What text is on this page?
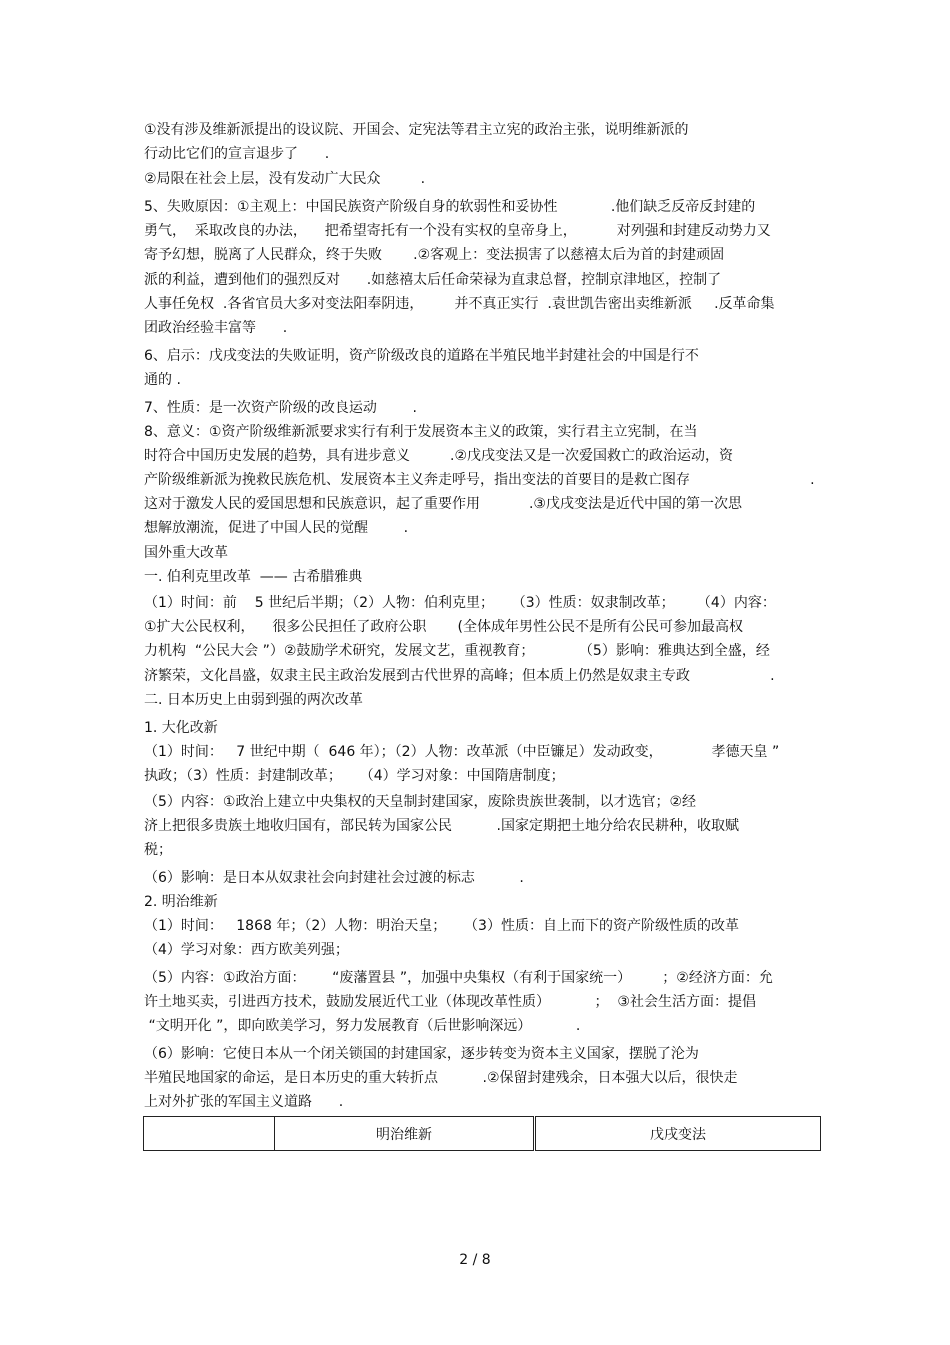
①没有涉及维新派提出的设议院、开国会、定宪法等君主立宪的政治主张，说明维新派的
行动比它们的宣言退步了      .
②局限在社会上层，没有发动广大民众         .
5、失败原因：①主观上：中国民族资产阶级自身的软弱性和妥协性            .他们缺乏反帝反封建的
勇气，  采取改良的办法，    把希望寄托有一个没有实权的皇帝身上，         对列强和封建反动势力又
寄予幻想，脱离了人民群众，终于失败       .②客观上：变法损害了以慈禧太后为首的封建顽固
派的利益，遭到他们的强烈反对      .如慈禧太后任命荣禄为直隶总督，控制京津地区，控制了
人事任免权  .各省官员大多对变法阳奉阴违，       并不真正实行  .袁世凯告密出卖维新派     .反革命集
团政治经验丰富等      .
6、启示：戊戌变法的失败证明，资产阶级改良的道路在半殖民地半封建社会的中国是行不
通的 .
7、性质：是一次资产阶级的改良运动        .
8、意义：①资产阶级维新派要求实行有利于发展资本主义的政策，实行君主立宪制，在当
时符合中国历史发展的趋势，具有进步意义         .②戊戌变法又是一次爱国救亡的政治运动，资
产阶级维新派为挽救民族危机、发展资本主义奔走呼号，指出变法的首要目的是救亡图存                           .
这对于激发人民的爱国思想和民族意识，起了重要作用           .③戊戌变法是近代中国的第一次思
想解放潮流，促进了中国人民的觉醒        .
国外重大改革
一. 伯利克里改革  —— 古希腊雅典
（1）时间：前    5 世纪后半期；（2）人物：伯利克里；    （3）性质：奴隶制改革；     （4）内容：
①扩大公民权利，    很多公民担任了政府公职       (全体成年男性公民不是所有公民可参加最高权
力机构  “公民大会 ”）②鼓励学术研究，发展文艺，重视教育；          （5）影响：雅典达到全盛，经
济繁荣，文化昌盛，奴隶主民主政治发展到古代世界的高峰；但本质上仍然是奴隶主专政                  .
二. 日本历史上由弱到强的两次改革
1. 大化改新
（1）时间：   7 世纪中期（  646 年）；（2）人物：改革派（中臣镰足）发动政变，           孝德天皇 ”
执政；（3）性质：封建制改革；    （4）学习对象：中国隋唐制度；
（5）内容：①政治上建立中央集权的天皇制封建国家，废除贵族世袭制，以才选官；②经
济上把很多贵族土地收归国有，部民转为国家公民          .国家定期把土地分给农民耕种，收取赋
税；
（6）影响：是日本从奴隶社会向封建社会过渡的标志          .
2. 明治维新
（1）时间：   1868 年；（2）人物：明治天皇；    （3）性质：自上而下的资产阶级性质的改革
（4）学习对象：西方欧美列强；
（5）内容：①政治方面：      “废藩置县 ”，加强中央集权（有利于国家统一）       ；②经济方面：允
许土地买卖，引进西方技术，鼓励发展近代工业（体现改革性质）          ；  ③社会生活方面：提倡
“文明开化 ”，即向欧美学习，努力发展教育（后世影响深远）          .
（6）影响：它使日本从一个闭关锁国的封建国家，逐步转变为资本主义国家，摆脱了沦为
半殖民地国家的命运，是日本历史的重大转折点          .②保留封建残余，日本强大以后，很快走
上对外扩张的军国主义道路      .
	明治维新	戊戌变法
2 / 8
